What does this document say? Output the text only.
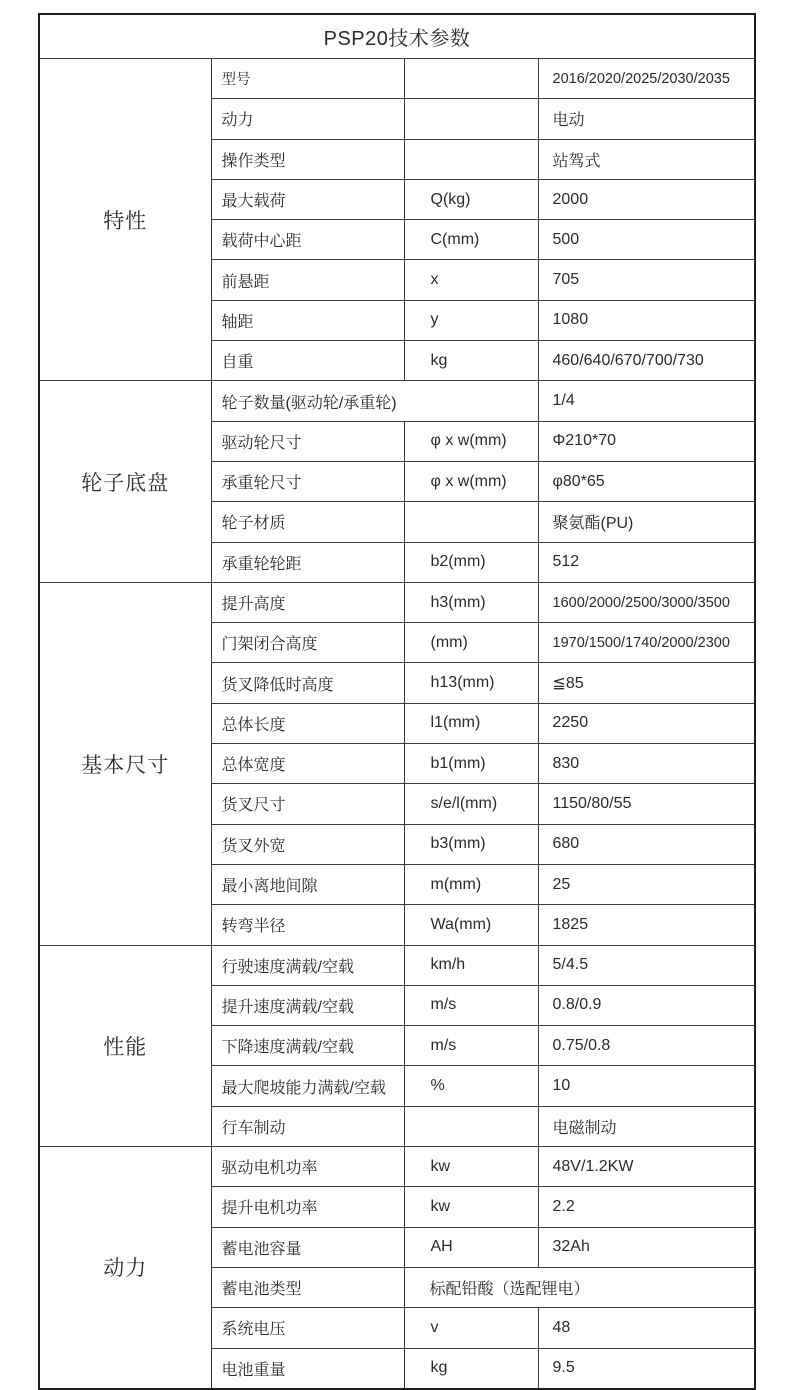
PSP20技术参数			
特性	型号		2016/2020/2025/2030/2035
	动力		电动
	操作类型		站驾式
	最大载荷	Q(kg)	2000
	载荷中心距	C(mm)	500
	前悬距	x	705
	轴距	y	1080
	自重	kg	460/640/670/700/730
轮子底盘	轮子数量(驱动轮/承重轮)		1/4
	驱动轮尺寸	φ x w(mm)	Φ210*70
	承重轮尺寸	φ x w(mm)	φ80*65
	轮子材质		聚氨酯(PU)
	承重轮轮距	b2(mm)	512
基本尺寸	提升高度	h3(mm)	1600/2000/2500/3000/3500
	门架闭合高度	(mm)	1970/1500/1740/2000/2300
	货叉降低时高度	h13(mm)	≦85
	总体长度	l1(mm)	2250
	总体宽度	b1(mm)	830
	货叉尺寸	s/e/l(mm)	1150/80/55
	货叉外宽	b3(mm)	680
	最小离地间隙	m(mm)	25
	转弯半径	Wa(mm)	1825
性能	行驶速度满载/空载	km/h	5/4.5
	提升速度满载/空载	m/s	0.8/0.9
	下降速度满载/空载	m/s	0.75/0.8
	最大爬坡能力满载/空载	%	10
	行车制动		电磁制动
动力	驱动电机功率	kw	48V/1.2KW
	提升电机功率	kw	2.2
	蓄电池容量	AH	32Ah
	蓄电池类型	标配铅酸（选配锂电）	
	系统电压	v	48
	电池重量	kg	9.5
